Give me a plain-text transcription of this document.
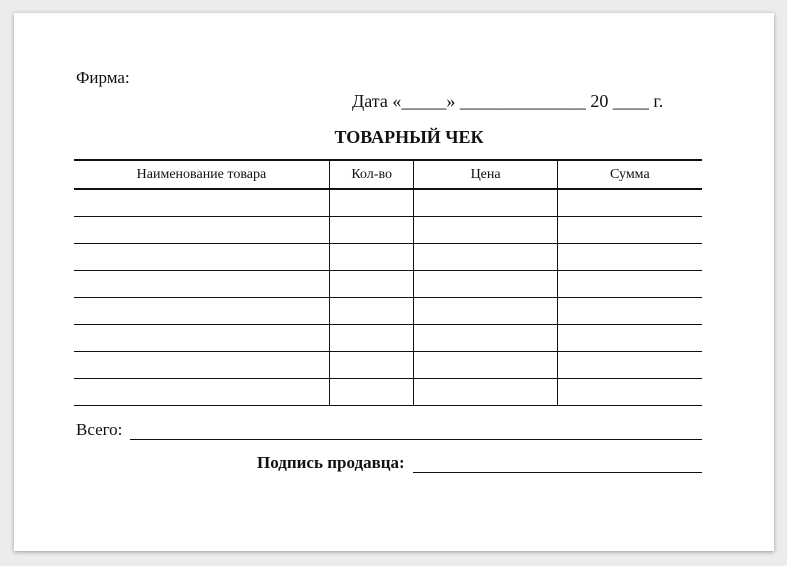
Фирма:
Дата «_____» ______________ 20 ____ г.
ТОВАРНЫЙ ЧЕК
Наименование товара	Кол-во	Цена	Сумма

Всего:
Подпись продавца:
